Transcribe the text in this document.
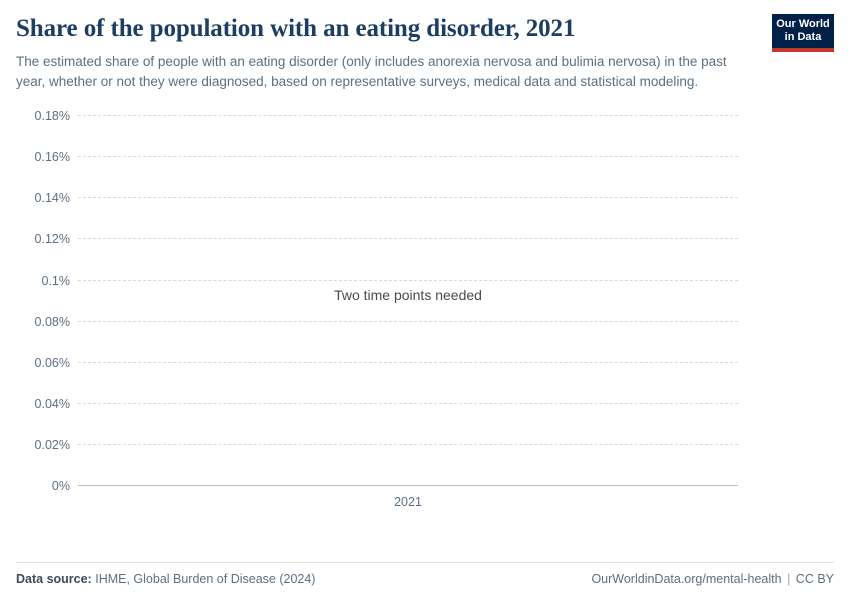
Share of the population with an eating disorder, 2021

The estimated share of people with an eating disorder (only includes anorexia nervosa and bulimia nervosa) in the past year, whether or not they were diagnosed, based on representative surveys, medical data and statistical modeling.

Our World
in Data
Two time points needed
0%
0.02%
0.04%
0.06%
0.08%
0.1%
0.12%
0.14%
0.16%
0.18%
2021
Data source: IHME, Global Burden of Disease (2024)	OurWorldinData.org/mental-health | CC BY
